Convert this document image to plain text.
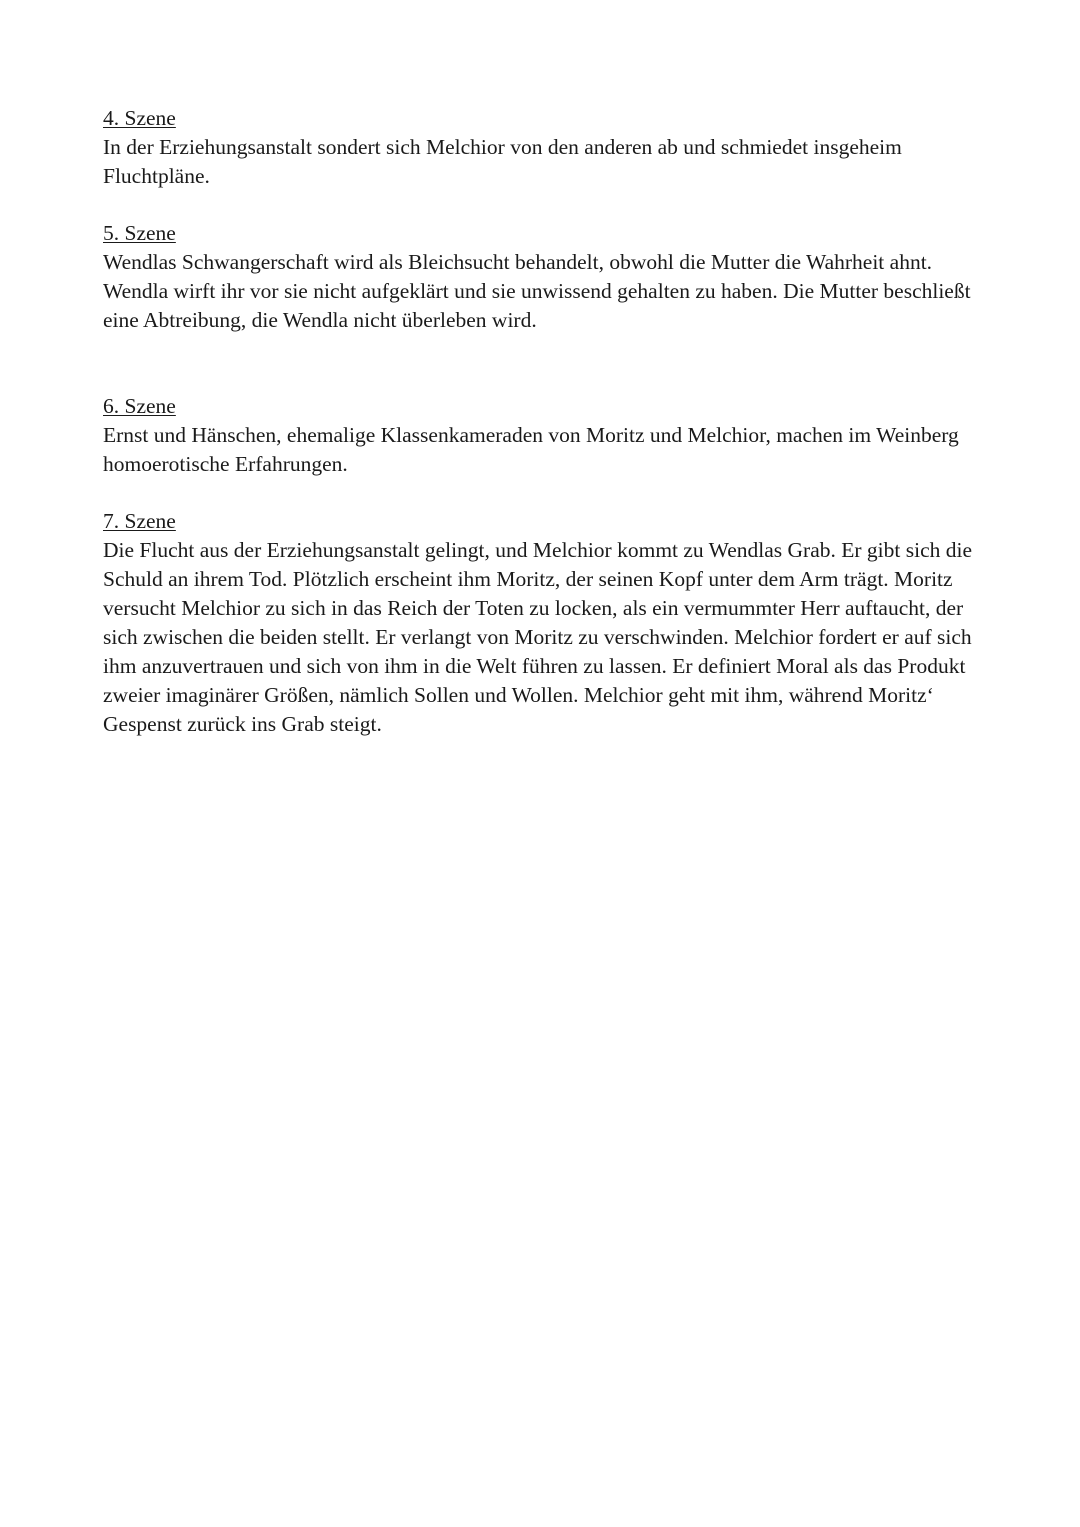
4. Szene
In der Erziehungsanstalt sondert sich Melchior von den anderen ab und schmiedet insgeheim Fluchtpläne.
5. Szene
Wendlas Schwangerschaft wird als Bleichsucht behandelt, obwohl die Mutter die Wahrheit ahnt. Wendla wirft ihr vor sie nicht aufgeklärt und sie unwissend gehalten zu haben. Die Mutter beschließt eine Abtreibung, die Wendla nicht überleben wird.
6. Szene
Ernst und Hänschen, ehemalige Klassenkameraden von Moritz und Melchior, machen im Weinberg homoerotische Erfahrungen.
7. Szene
Die Flucht aus der Erziehungsanstalt gelingt, und Melchior kommt zu Wendlas Grab. Er gibt sich die Schuld an ihrem Tod. Plötzlich erscheint ihm Moritz, der seinen Kopf unter dem Arm trägt. Moritz versucht Melchior zu sich in das Reich der Toten zu locken, als ein vermummter Herr auftaucht, der sich zwischen die beiden stellt. Er verlangt von Moritz zu verschwinden. Melchior fordert er auf sich ihm anzuvertrauen und sich von ihm in die Welt führen zu lassen. Er definiert Moral als das Produkt zweier imaginärer Größen, nämlich Sollen und Wollen. Melchior geht mit ihm, während Moritz‘ Gespenst zurück ins Grab steigt.
